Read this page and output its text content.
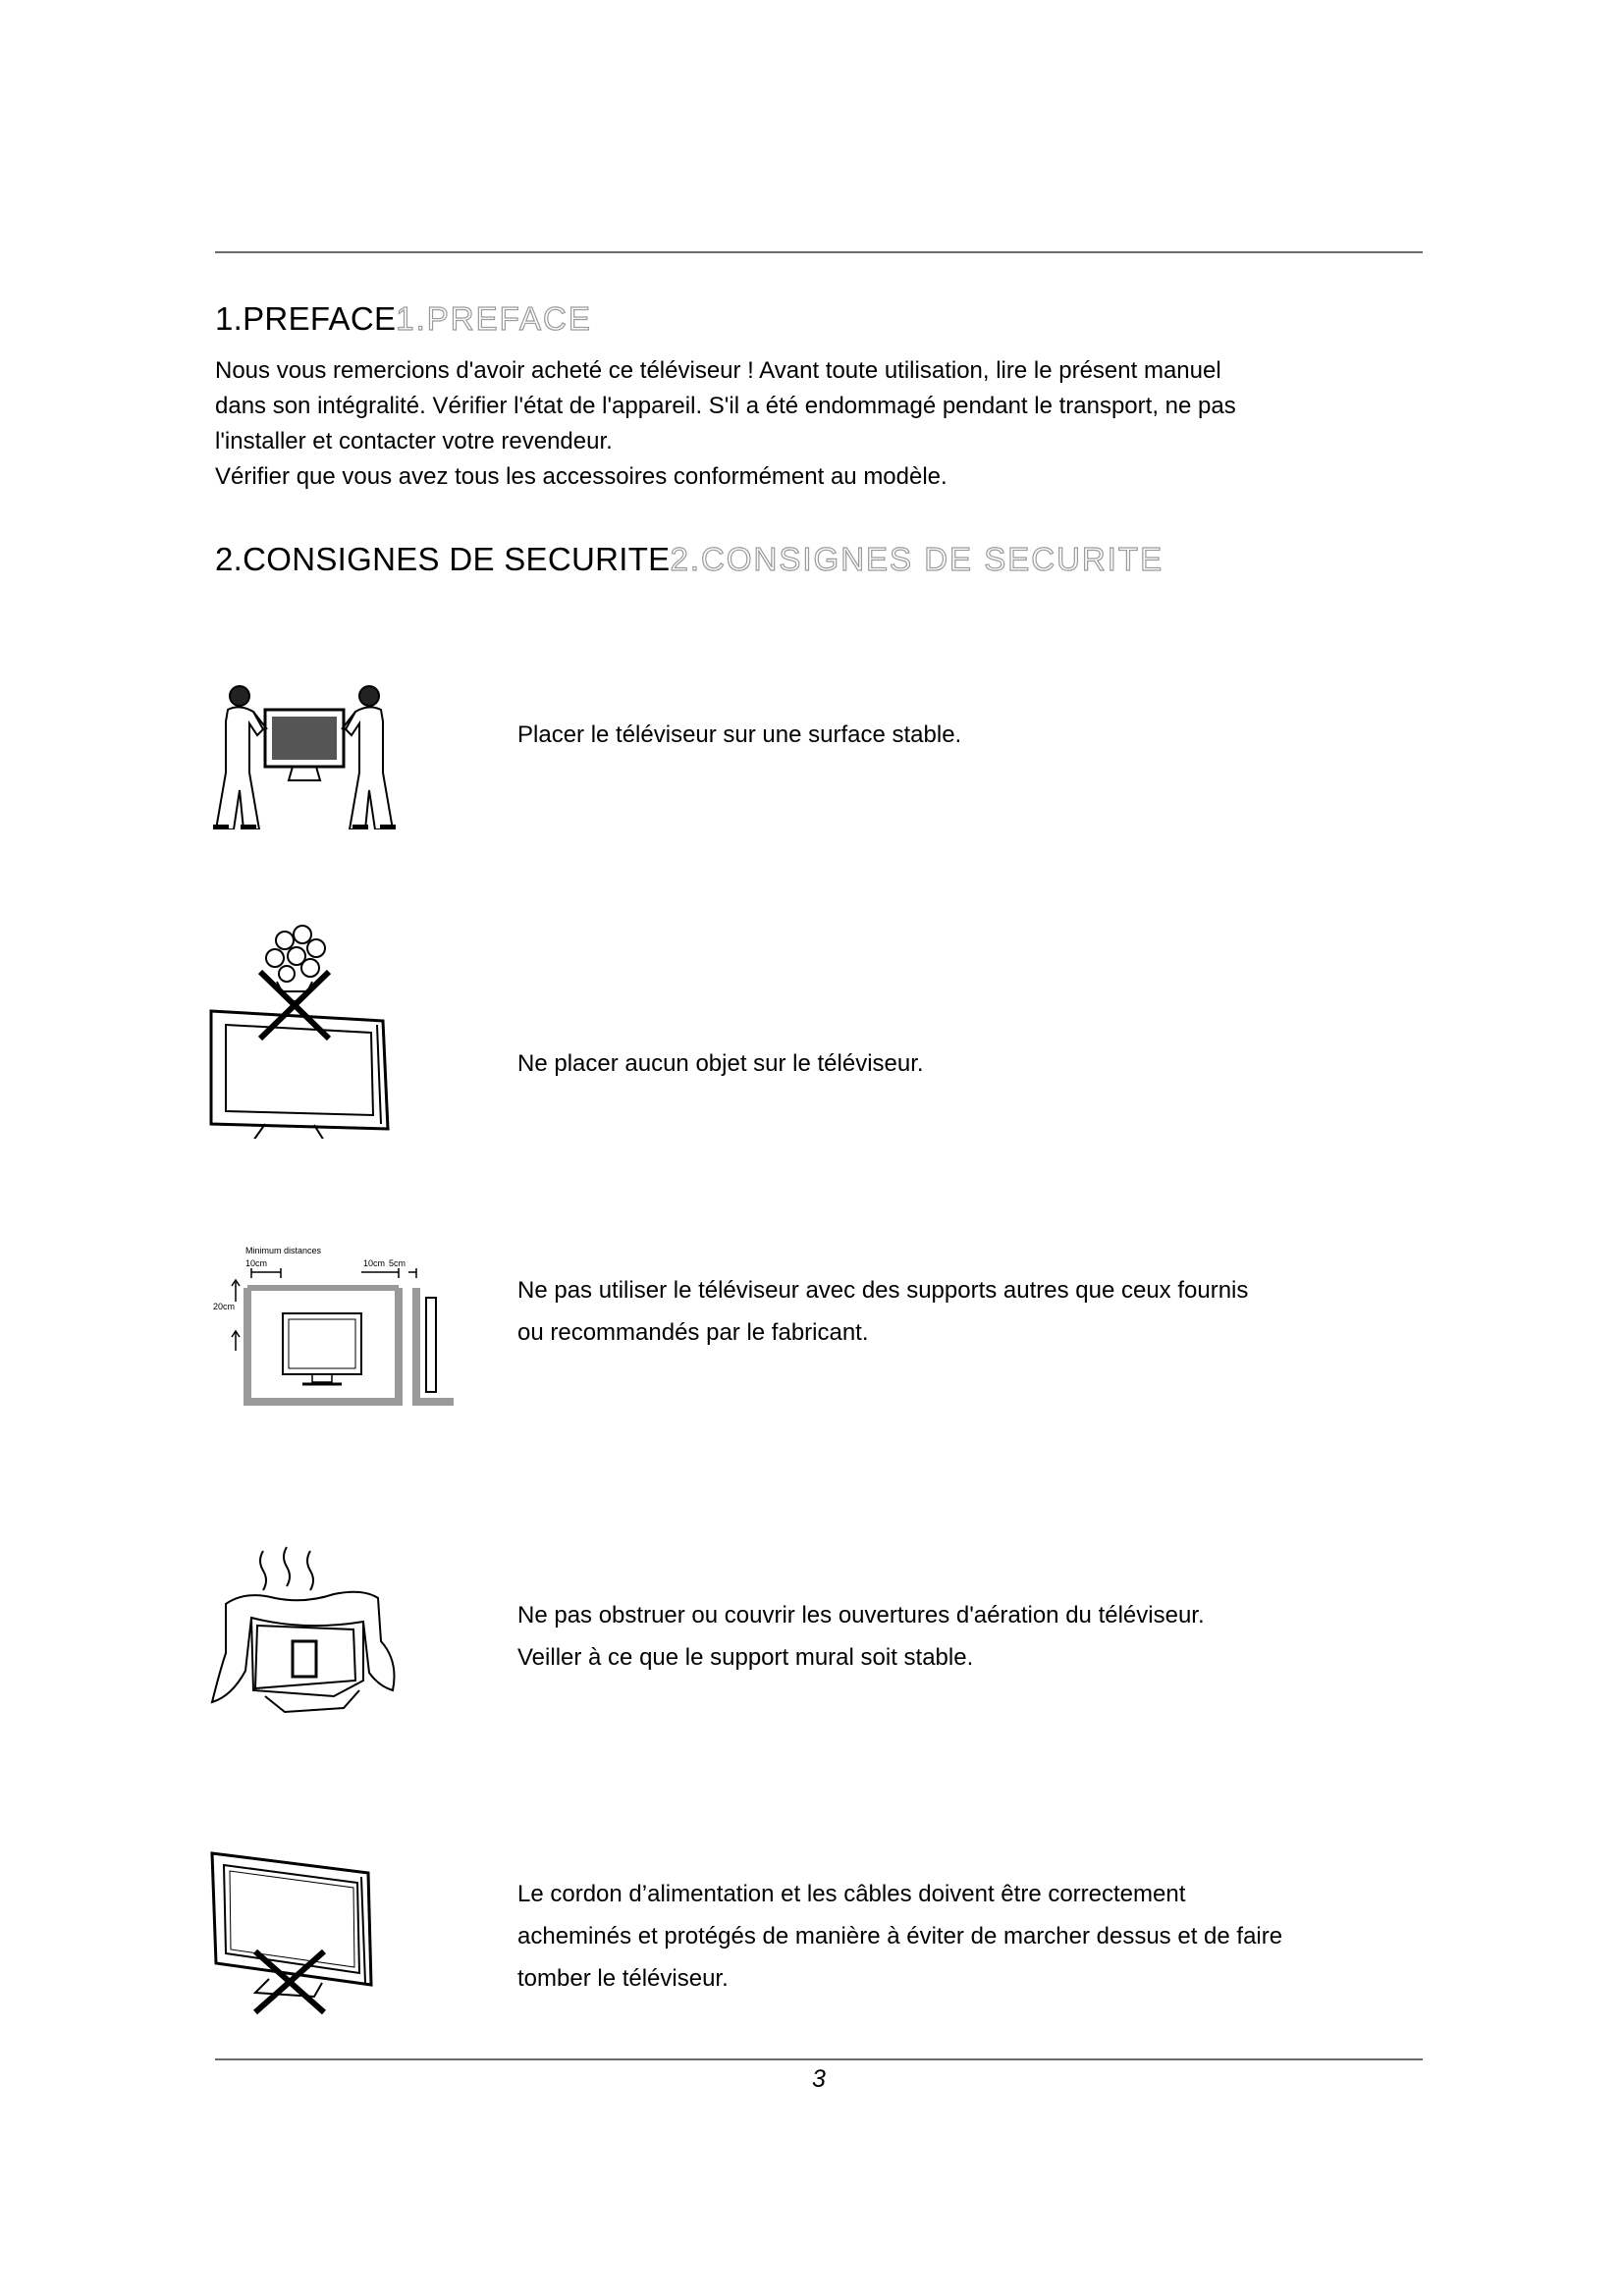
1.PREFACE1.PREFACE

Nous vous remercions d'avoir acheté ce téléviseur ! Avant toute utilisation, lire le présent manuel

dans son intégralité. Vérifier l'état de l'appareil. S'il a été endommagé pendant le transport, ne pas

l'installer et contacter votre revendeur.

Vérifier que vous avez tous les accessoires conformément au modèle.

2.CONSIGNES DE SECURITE2.CONSIGNES DE SECURITE

Placer le téléviseur sur une surface stable.

Ne placer aucun objet sur le téléviseur.

Minimum distances
10cm	10cm 5cm
20cm

Ne pas utiliser le téléviseur avec des supports autres que ceux fournis

ou recommandés par le fabricant.

Ne pas obstruer ou couvrir les ouvertures d'aération du téléviseur.

Veiller à ce que le support mural soit stable.

Le cordon d’alimentation et les câbles doivent être correctement

acheminés et protégés de manière à éviter de marcher dessus et de faire

tomber le téléviseur.

3
